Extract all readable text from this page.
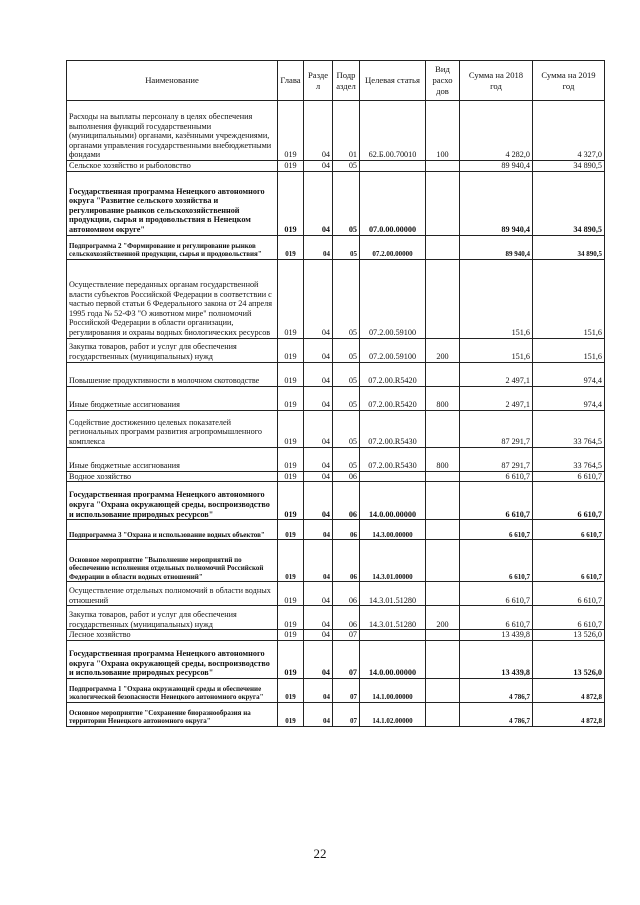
Наименование	Глава	Разде л	Подр аздел	Целевая статья	Вид расхо дов	Сумма на 2018 год	Сумма на 2019 год
Расходы на выплаты персоналу в целях обеспечения выполнения функций государственными (муниципальными) органами, казёнными учреждениями, органами управления государственными внебюджетными фондами	019	04	01	62.Б.00.70010	100	4 282,0	4 327,0
Сельское хозяйство и рыболовство	019	04	05			89 940,4	34 890,5
Государственная программа Ненецкого автономного округа "Развитие сельского хозяйства и регулирование рынков сельскохозяйственной продукции, сырья и продовольствия в Ненецком автономном округе"	019	04	05	07.0.00.00000		89 940,4	34 890,5
Подпрограмма 2 "Формирование и регулирование рынков сельскохозяйственной продукции, сырья и продовольствия"	019	04	05	07.2.00.00000		89 940,4	34 890,5
Осуществление переданных органам государственной власти субъектов Российской Федерации в соответствии с частью первой статьи 6 Федерального закона от 24 апреля 1995 года № 52-ФЗ "О животном мире" полномочий Российской Федерации в области организации, регулирования и охраны водных биологических ресурсов	019	04	05	07.2.00.59100		151,6	151,6
Закупка товаров, работ и услуг для обеспечения государственных (муниципальных) нужд	019	04	05	07.2.00.59100	200	151,6	151,6
Повышение продуктивности в молочном скотоводстве	019	04	05	07.2.00.R5420		2 497,1	974,4
Иные бюджетные ассигнования	019	04	05	07.2.00.R5420	800	2 497,1	974,4
Содействие достижению целевых показателей региональных программ развития агропромышленного комплекса	019	04	05	07.2.00.R5430		87 291,7	33 764,5
Иные бюджетные ассигнования	019	04	05	07.2.00.R5430	800	87 291,7	33 764,5
Водное хозяйство	019	04	06			6 610,7	6 610,7
Государственная программа Ненецкого автономного округа "Охрана окружающей среды, воспроизводство и использование природных ресурсов"	019	04	06	14.0.00.00000		6 610,7	6 610,7
Подпрограмма 3 "Охрана и использование водных объектов"	019	04	06	14.3.00.00000		6 610,7	6 610,7
Основное мероприятие "Выполнение мероприятий по обеспечению исполнения отдельных полномочий Российской Федерации в области водных отношений"	019	04	06	14.3.01.00000		6 610,7	6 610,7
Осуществление отдельных полномочий в области водных отношений	019	04	06	14.3.01.51280		6 610,7	6 610,7
Закупка товаров, работ и услуг для обеспечения государственных (муниципальных) нужд	019	04	06	14.3.01.51280	200	6 610,7	6 610,7
Лесное хозяйство	019	04	07			13 439,8	13 526,0
Государственная программа Ненецкого автономного округа "Охрана окружающей среды, воспроизводство и использование природных ресурсов"	019	04	07	14.0.00.00000		13 439,8	13 526,0
Подпрограмма 1 "Охрана окружающей среды и обеспечение экологической безопасности Ненецкого автономного округа"	019	04	07	14.1.00.00000		4 786,7	4 872,8
Основное мероприятие "Сохранение биоразнообразия на территории Ненецкого автономного округа"	019	04	07	14.1.02.00000		4 786,7	4 872,8
22
